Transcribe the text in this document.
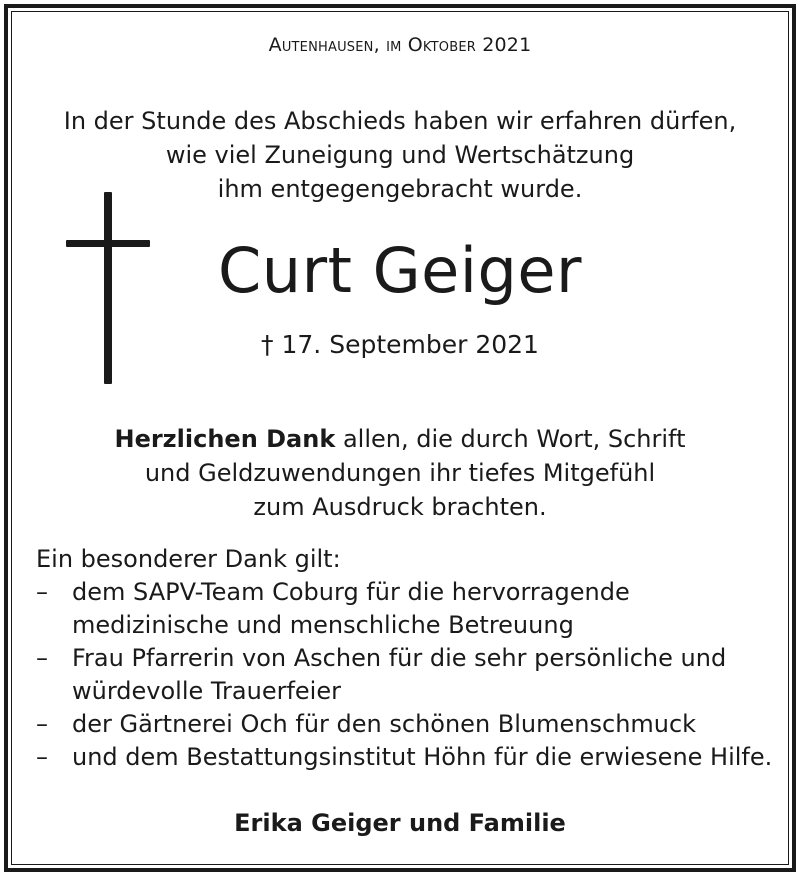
Autenhausen, im Oktober 2021
In der Stunde des Abschieds haben wir erfahren dürfen,
wie viel Zuneigung und Wertschätzung
ihm entgegengebracht wurde.
Curt Geiger
† 17. September 2021
Herzlichen Dank allen, die durch Wort, Schrift
und Geldzuwendungen ihr tiefes Mitgefühl
zum Ausdruck brachten.
Ein besonderer Dank gilt:
– dem SAPV-Team Coburg für die hervorragende
medizinische und menschliche Betreuung
– Frau Pfarrerin von Aschen für die sehr persönliche und
würdevolle Trauerfeier
– der Gärtnerei Och für den schönen Blumenschmuck
– und dem Bestattungsinstitut Höhn für die erwiesene Hilfe.
Erika Geiger und Familie
